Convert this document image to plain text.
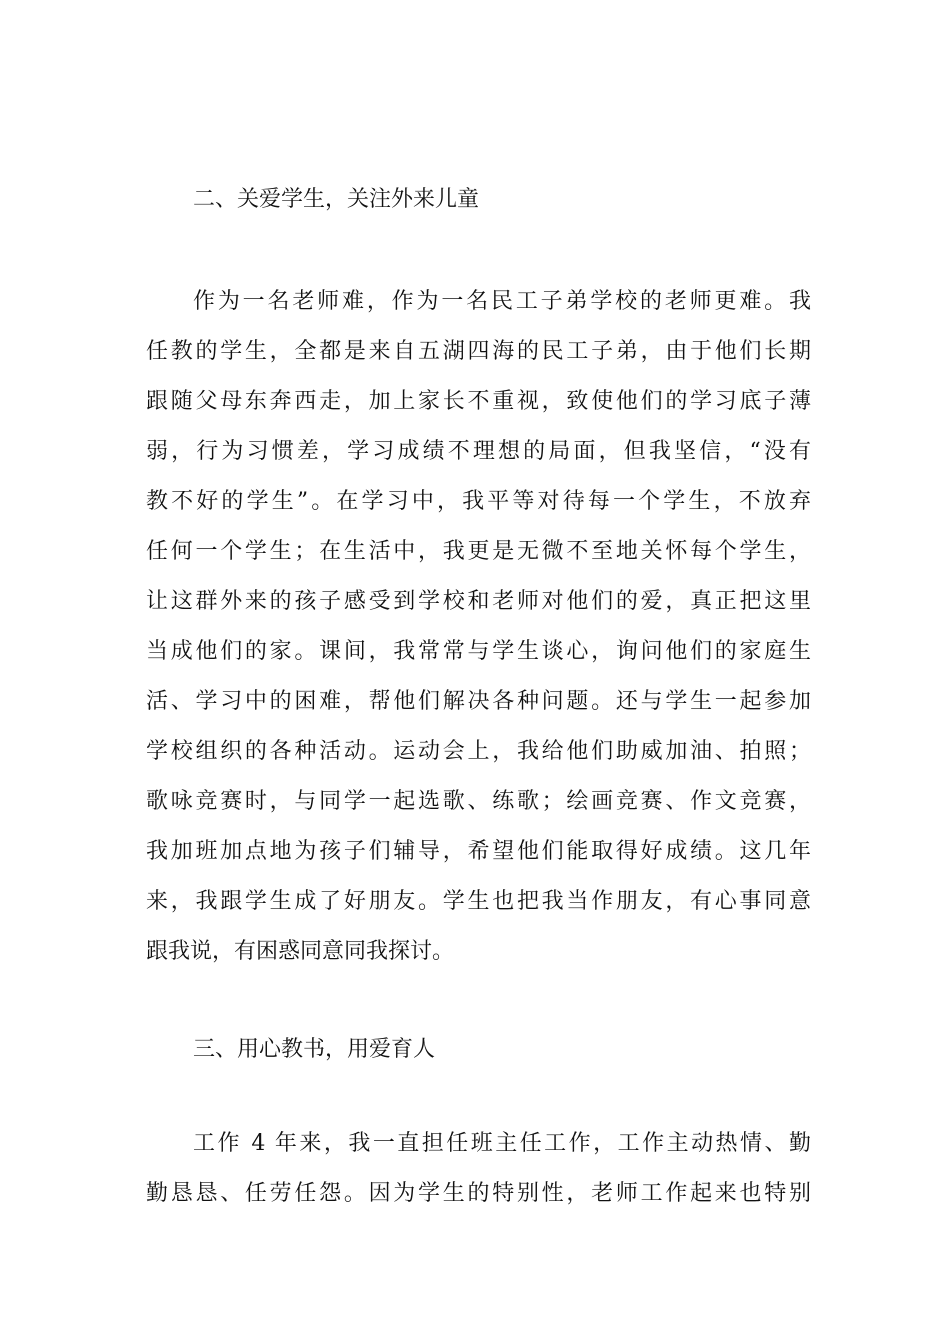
二、关爱学生，关注外来儿童
作为一名老师难，作为一名民工子弟学校的老师更难。我
任教的学生，全都是来自五湖四海的民工子弟，由于他们长期
跟随父母东奔西走，加上家长不重视，致使他们的学习底子薄
弱，行为习惯差，学习成绩不理想的局面，但我坚信，“没有
教不好的学生”。在学习中，我平等对待每一个学生，不放弃
任何一个学生；在生活中，我更是无微不至地关怀每个学生，
让这群外来的孩子感受到学校和老师对他们的爱，真正把这里
当成他们的家。课间，我常常与学生谈心，询问他们的家庭生
活、学习中的困难，帮他们解决各种问题。还与学生一起参加
学校组织的各种活动。运动会上，我给他们助威加油、拍照；
歌咏竞赛时，与同学一起选歌、练歌；绘画竞赛、作文竞赛，
我加班加点地为孩子们辅导，希望他们能取得好成绩。这几年
来，我跟学生成了好朋友。学生也把我当作朋友，有心事同意
跟我说，有困惑同意同我探讨。
三、用心教书，用爱育人
工作 4 年来，我一直担任班主任工作，工作主动热情、勤
勤恳恳、任劳任怨。因为学生的特别性，老师工作起来也特别
